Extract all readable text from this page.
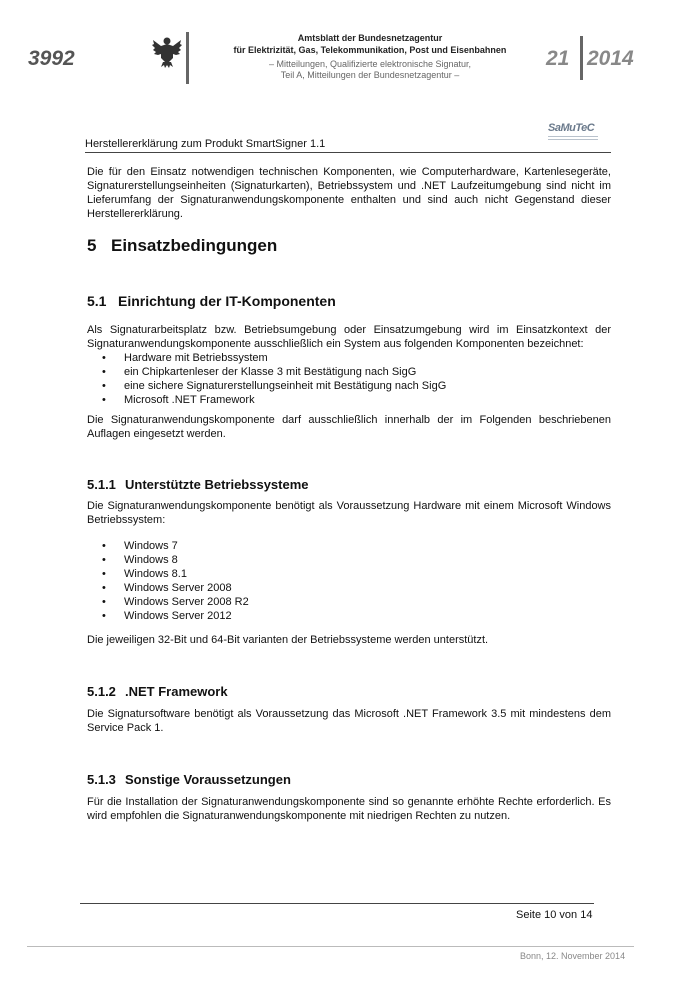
3992
Amtsblatt der Bundesnetzagentur
für Elektrizität, Gas, Telekommunikation, Post und Eisenbahnen
– Mitteilungen, Qualifizierte elektronische Signatur,
Teil A, Mitteilungen der Bundesnetzagentur –
21 2014
Herstellererklärung zum Produkt SmartSigner 1.1
SaMuTeC

Die für den Einsatz notwendigen technischen Komponenten, wie Computerhardware, Kartenlesegeräte, Signaturerstellungseinheiten (Signaturkarten), Betriebssystem und .NET Laufzeitumgebung sind nicht im Lieferumfang der Signaturanwendungskomponente enthalten und sind auch nicht Gegenstand dieser Herstellererklärung.

5 Einsatzbedingungen
5.1 Einrichtung der IT-Komponenten

Als Signaturarbeitsplatz bzw. Betriebsumgebung oder Einsatzumgebung wird im Einsatzkontext der Signaturanwendungskomponente ausschließlich ein System aus folgenden Komponenten bezeichnet:

• Hardware mit Betriebssystem
• ein Chipkartenleser der Klasse 3 mit Bestätigung nach SigG
• eine sichere Signaturerstellungseinheit mit Bestätigung nach SigG
• Microsoft .NET Framework

Die Signaturanwendungskomponente darf ausschließlich innerhalb der im Folgenden beschriebenen Auflagen eingesetzt werden.

5.1.1 Unterstützte Betriebssysteme

Die Signaturanwendungskomponente benötigt als Voraussetzung Hardware mit einem Microsoft Windows Betriebssystem:

• Windows 7
• Windows 8
• Windows 8.1
• Windows Server 2008
• Windows Server 2008 R2
• Windows Server 2012

Die jeweiligen 32-Bit und 64-Bit varianten der Betriebssysteme werden unterstützt.

5.1.2 .NET Framework

Die Signatursoftware benötigt als Voraussetzung das Microsoft .NET Framework 3.5 mit mindestens dem Service Pack 1.

5.1.3 Sonstige Voraussetzungen

Für die Installation der Signaturanwendungskomponente sind so genannte erhöhte Rechte erforderlich. Es wird empfohlen die Signaturanwendungskomponente mit niedrigen Rechten zu nutzen.

Seite 10 von 14
Bonn, 12. November 2014
